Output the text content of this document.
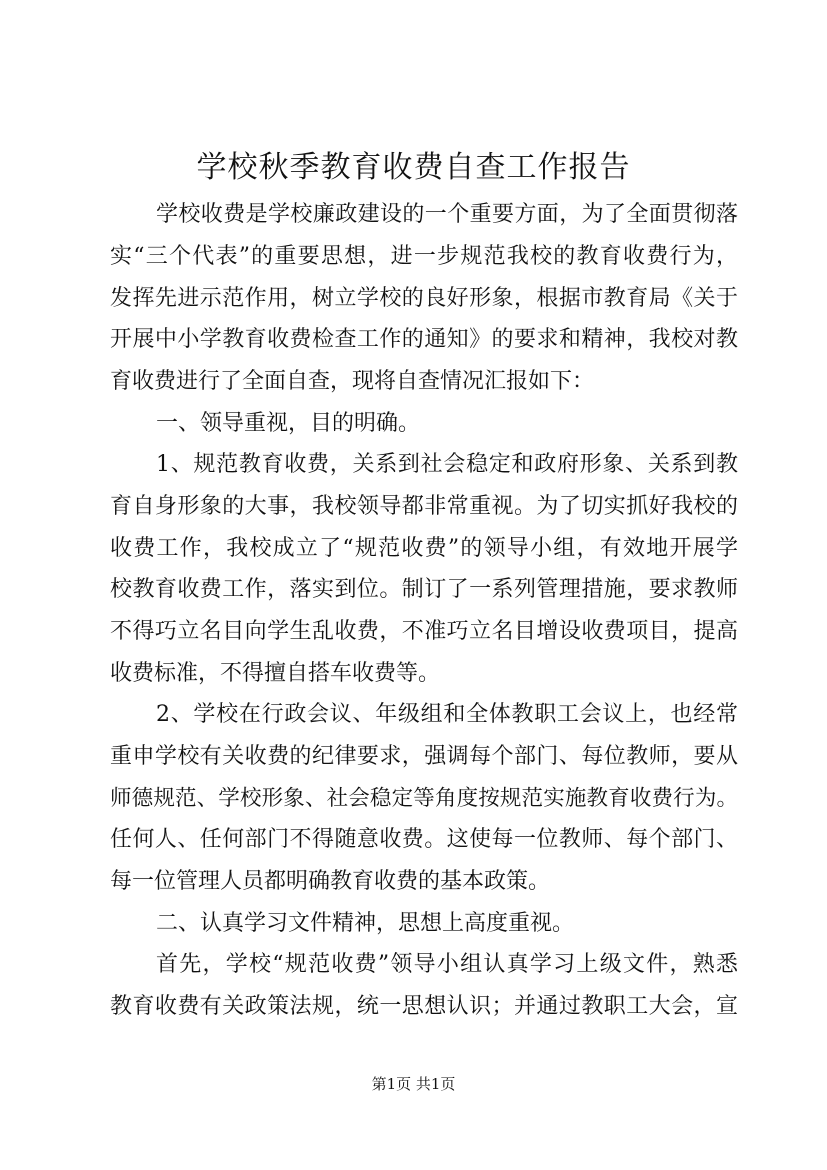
学校秋季教育收费自查工作报告

学校收费是学校廉政建设的一个重要方面，为了全面贯彻落

实“三个代表”的重要思想，进一步规范我校的教育收费行为，

发挥先进示范作用，树立学校的良好形象，根据市教育局《关于

开展中小学教育收费检查工作的通知》的要求和精神，我校对教

育收费进行了全面自查，现将自查情况汇报如下：

一、领导重视，目的明确。

1、规范教育收费，关系到社会稳定和政府形象、关系到教

育自身形象的大事，我校领导都非常重视。为了切实抓好我校的

收费工作，我校成立了“规范收费”的领导小组，有效地开展学

校教育收费工作，落实到位。制订了一系列管理措施，要求教师

不得巧立名目向学生乱收费，不准巧立名目增设收费项目，提高

收费标准，不得擅自搭车收费等。

2、学校在行政会议、年级组和全体教职工会议上，也经常

重申学校有关收费的纪律要求，强调每个部门、每位教师，要从

师德规范、学校形象、社会稳定等角度按规范实施教育收费行为。

任何人、任何部门不得随意收费。这使每一位教师、每个部门、

每一位管理人员都明确教育收费的基本政策。

二、认真学习文件精神，思想上高度重视。

首先，学校“规范收费”领导小组认真学习上级文件，熟悉

教育收费有关政策法规，统一思想认识；并通过教职工大会，宣

第1页 共1页
